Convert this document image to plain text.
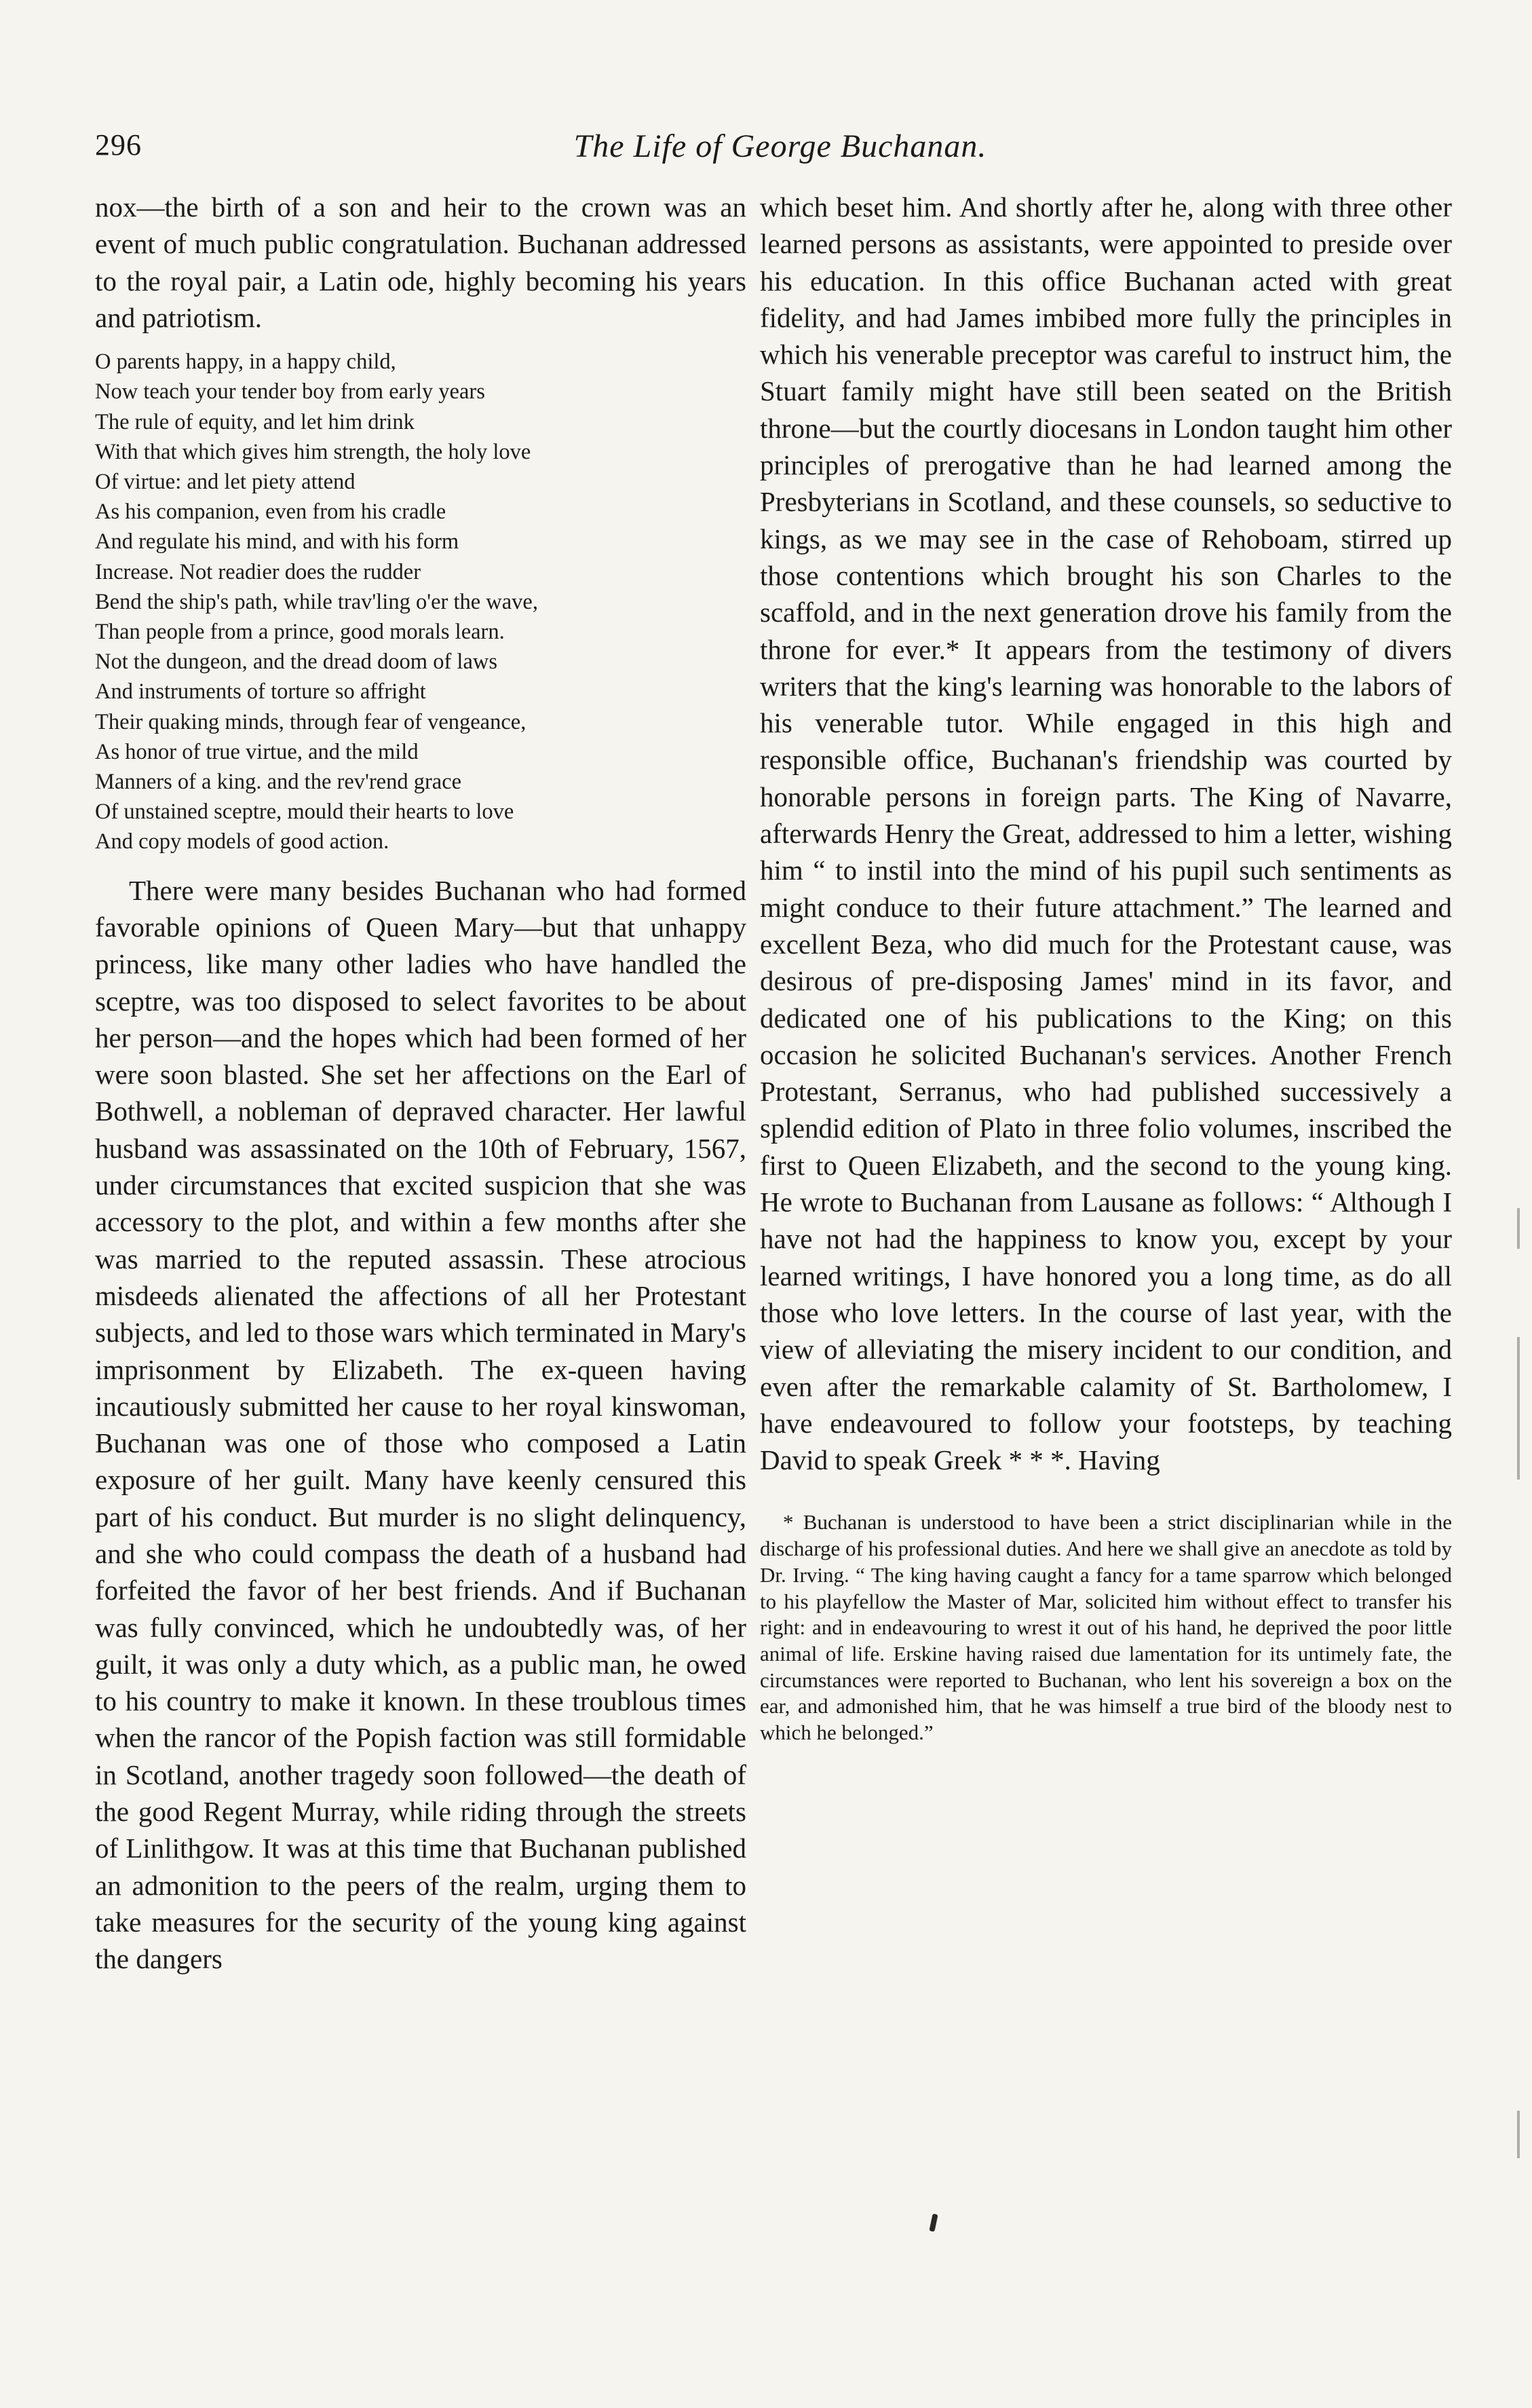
296	The Life of George Buchanan.

nox—the birth of a son and heir to the crown was an event of much public congratulation. Buchanan addressed to the royal pair, a Latin ode, highly becoming his years and patriotism.

O parents happy, in a happy child,
Now teach your tender boy from early years
The rule of equity, and let him drink
With that which gives him strength, the holy love
Of virtue: and let piety attend
As his companion, even from his cradle
And regulate his mind, and with his form
Increase. Not readier does the rudder
Bend the ship's path, while trav'ling o'er the wave,
Than people from a prince, good morals learn.
Not the dungeon, and the dread doom of laws
And instruments of torture so affright
Their quaking minds, through fear of vengeance,
As honor of true virtue, and the mild
Manners of a king. and the rev'rend grace
Of unstained sceptre, mould their hearts to love
And copy models of good action.

There were many besides Buchanan who had formed favorable opinions of Queen Mary—but that unhappy princess, like many other ladies who have handled the sceptre, was too disposed to select favorites to be about her person—and the hopes which had been formed of her were soon blasted. She set her affections on the Earl of Bothwell, a nobleman of depraved character. Her lawful husband was assassinated on the 10th of February, 1567, under circumstances that excited suspicion that she was accessory to the plot, and within a few months after she was married to the reputed assassin. These atrocious misdeeds alienated the affections of all her Protestant subjects, and led to those wars which terminated in Mary's imprisonment by Elizabeth. The ex-queen having incautiously submitted her cause to her royal kinswoman, Buchanan was one of those who composed a Latin exposure of her guilt. Many have keenly censured this part of his conduct. But murder is no slight delinquency, and she who could compass the death of a husband had forfeited the favor of her best friends. And if Buchanan was fully convinced, which he undoubtedly was, of her guilt, it was only a duty which, as a public man, he owed to his country to make it known. In these troublous times when the rancor of the Popish faction was still formidable in Scotland, another tragedy soon followed—the death of the good Regent Murray, while riding through the streets of Linlithgow. It was at this time that Buchanan published an admonition to the peers of the realm, urging them to take measures for the security of the young king against the dangers

which beset him. And shortly after he, along with three other learned persons as assistants, were appointed to preside over his education. In this office Buchanan acted with great fidelity, and had James imbibed more fully the principles in which his venerable preceptor was careful to instruct him, the Stuart family might have still been seated on the British throne—but the courtly diocesans in London taught him other principles of prerogative than he had learned among the Presbyterians in Scotland, and these counsels, so seductive to kings, as we may see in the case of Rehoboam, stirred up those contentions which brought his son Charles to the scaffold, and in the next generation drove his family from the throne for ever.* It appears from the testimony of divers writers that the king's learning was honorable to the labors of his venerable tutor. While engaged in this high and responsible office, Buchanan's friendship was courted by honorable persons in foreign parts. The King of Navarre, afterwards Henry the Great, addressed to him a letter, wishing him “ to instil into the mind of his pupil such sentiments as might conduce to their future attachment.” The learned and excellent Beza, who did much for the Protestant cause, was desirous of pre-disposing James' mind in its favor, and dedicated one of his publications to the King; on this occasion he solicited Buchanan's services. Another French Protestant, Serranus, who had published successively a splendid edition of Plato in three folio volumes, inscribed the first to Queen Elizabeth, and the second to the young king. He wrote to Buchanan from Lausane as follows: “ Although I have not had the happiness to know you, except by your learned writings, I have honored you a long time, as do all those who love letters. In the course of last year, with the view of alleviating the misery incident to our condition, and even after the remarkable calamity of St. Bartholomew, I have endeavoured to follow your footsteps, by teaching David to speak Greek * * *. Having

* Buchanan is understood to have been a strict disciplinarian while in the discharge of his professional duties. And here we shall give an anecdote as told by Dr. Irving. “ The king having caught a fancy for a tame sparrow which belonged to his playfellow the Master of Mar, solicited him without effect to transfer his right: and in endeavouring to wrest it out of his hand, he deprived the poor little animal of life. Erskine having raised due lamentation for its untimely fate, the circumstances were reported to Buchanan, who lent his sovereign a box on the ear, and admonished him, that he was himself a true bird of the bloody nest to which he belonged.”
